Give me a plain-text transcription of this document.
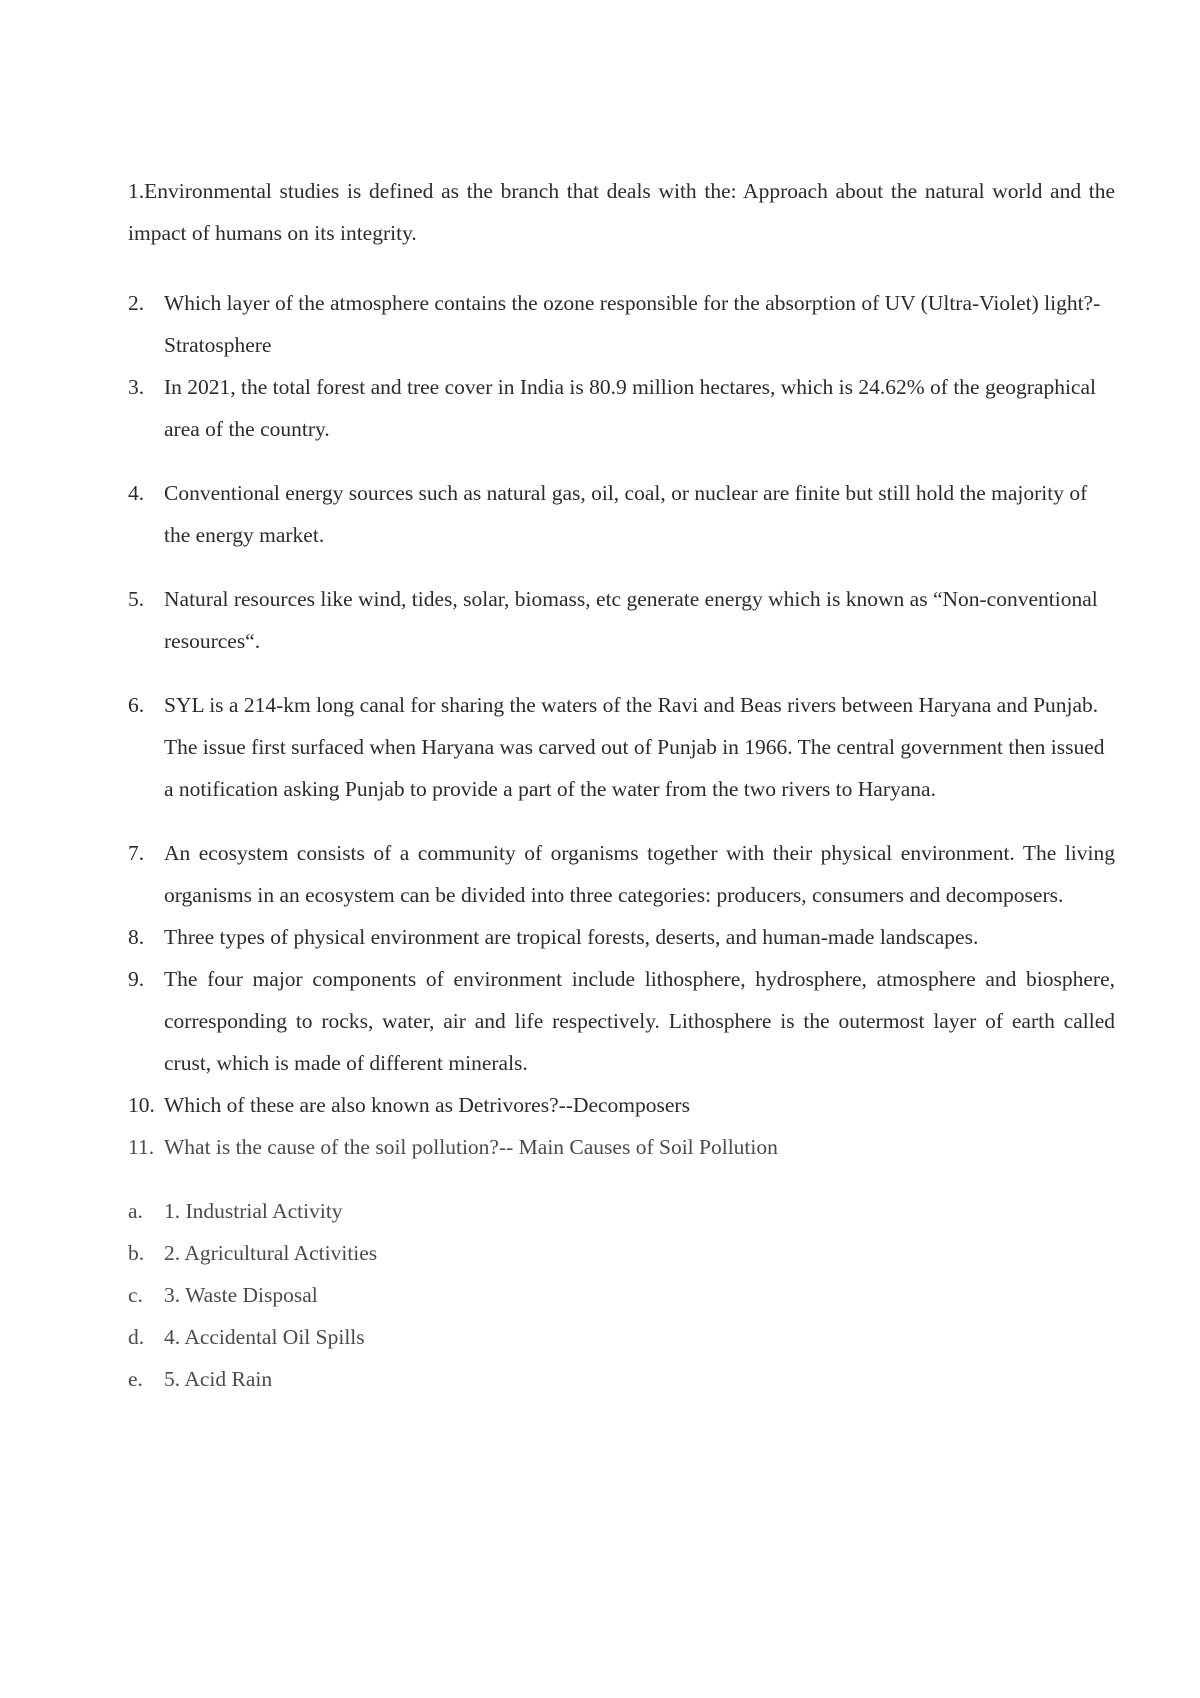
1.Environmental studies is defined as the branch that deals with the: Approach about the natural world and the impact of humans on its integrity.

2. Which layer of the atmosphere contains the ozone responsible for the absorption of UV (Ultra-Violet) light?- Stratosphere
3. In 2021, the total forest and tree cover in India is 80.9 million hectares, which is 24.62% of the geographical area of the country.
4. Conventional energy sources such as natural gas, oil, coal, or nuclear are finite but still hold the majority of the energy market.
5. Natural resources like wind, tides, solar, biomass, etc generate energy which is known as “Non-conventional resources“.
6. SYL is a 214-km long canal for sharing the waters of the Ravi and Beas rivers between Haryana and Punjab. The issue first surfaced when Haryana was carved out of Punjab in 1966. The central government then issued a notification asking Punjab to provide a part of the water from the two rivers to Haryana.
7. An ecosystem consists of a community of organisms together with their physical environment. The living organisms in an ecosystem can be divided into three categories: producers, consumers and decomposers.
8. Three types of physical environment are tropical forests, deserts, and human-made landscapes.
9. The four major components of environment include lithosphere, hydrosphere, atmosphere and biosphere, corresponding to rocks, water, air and life respectively. Lithosphere is the outermost layer of earth called crust, which is made of different minerals.
10. Which of these are also known as Detrivores?--Decomposers
11. What is the cause of the soil pollution?-- Main Causes of Soil Pollution
a. 1. Industrial Activity
b. 2. Agricultural Activities
c. 3. Waste Disposal
d. 4. Accidental Oil Spills
e. 5. Acid Rain
